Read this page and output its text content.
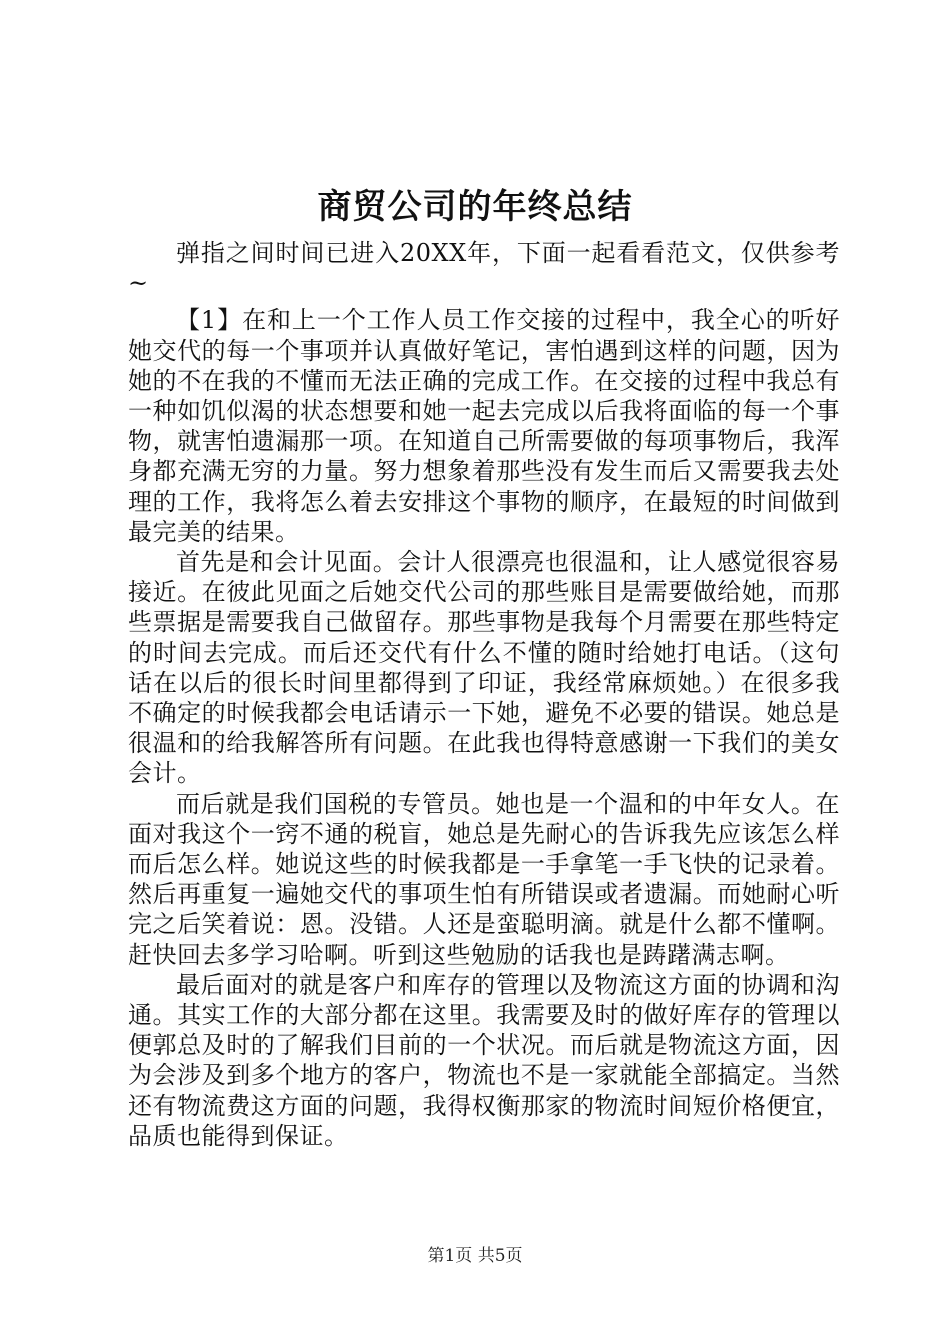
商贸公司的年终总结

弹指之间时间已进入20XX年，下面一起看看范文，仅供参考~

【1】在和上一个工作人员工作交接的过程中，我全心的听好她交代的每一个事项并认真做好笔记，害怕遇到这样的问题，因为她的不在我的不懂而无法正确的完成工作。在交接的过程中我总有一种如饥似渴的状态想要和她一起去完成以后我将面临的每一个事物，就害怕遗漏那一项。在知道自己所需要做的每项事物后，我浑身都充满无穷的力量。努力想象着那些没有发生而后又需要我去处理的工作，我将怎么着去安排这个事物的顺序，在最短的时间做到最完美的结果。

首先是和会计见面。会计人很漂亮也很温和，让人感觉很容易接近。在彼此见面之后她交代公司的那些账目是需要做给她，而那些票据是需要我自己做留存。那些事物是我每个月需要在那些特定的时间去完成。而后还交代有什么不懂的随时给她打电话。（这句话在以后的很长时间里都得到了印证，我经常麻烦她。）在很多我不确定的时候我都会电话请示一下她，避免不必要的错误。她总是很温和的给我解答所有问题。在此我也得特意感谢一下我们的美女会计。

而后就是我们国税的专管员。她也是一个温和的中年女人。在面对我这个一窍不通的税盲，她总是先耐心的告诉我先应该怎么样而后怎么样。她说这些的时候我都是一手拿笔一手飞快的记录着。然后再重复一遍她交代的事项生怕有所错误或者遗漏。而她耐心听完之后笑着说：恩。没错。人还是蛮聪明滴。就是什么都不懂啊。赶快回去多学习哈啊。听到这些勉励的话我也是踌躇满志啊。

最后面对的就是客户和库存的管理以及物流这方面的协调和沟通。其实工作的大部分都在这里。我需要及时的做好库存的管理以便郭总及时的了解我们目前的一个状况。而后就是物流这方面，因为会涉及到多个地方的客户，物流也不是一家就能全部搞定。当然还有物流费这方面的问题，我得权衡那家的物流时间短价格便宜，品质也能得到保证。

第1页 共5页
